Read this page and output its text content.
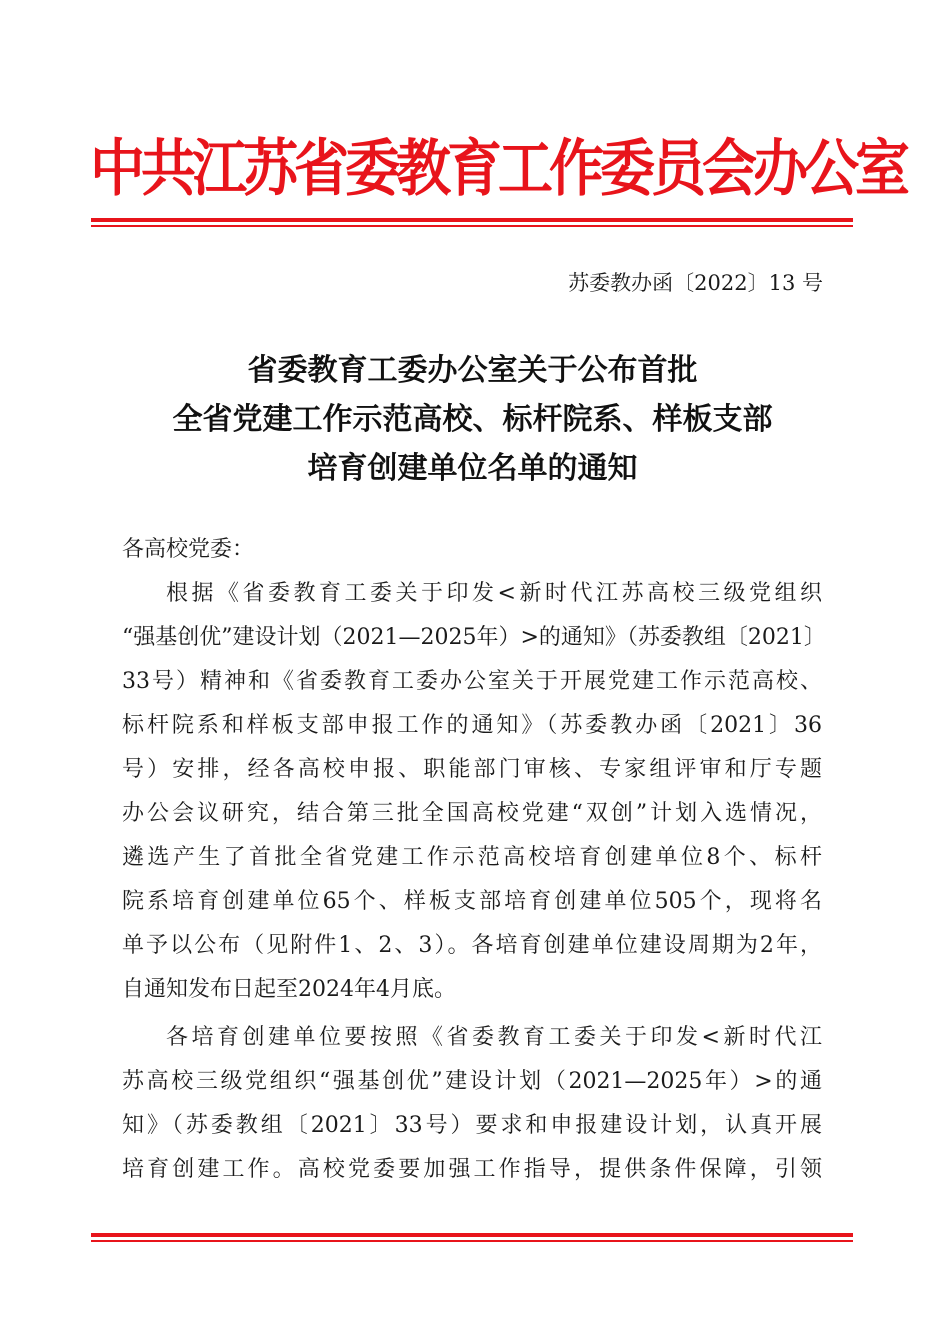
中共江苏省委教育工作委员会办公室
苏委教办函〔2022〕13 号
省委教育工委办公室关于公布首批
全省党建工作示范高校、标杆院系、样板支部
培育创建单位名单的通知
各高校党委：
根据《省委教育工委关于印发<新时代江苏高校三级党组织
“强基创优”建设计划（2021—2025年）>的通知》（苏委教组〔2021〕
33号）精神和《省委教育工委办公室关于开展党建工作示范高校、
标杆院系和样板支部申报工作的通知》（苏委教办函〔2021〕36
号）安排，经各高校申报、职能部门审核、专家组评审和厅专题
办公会议研究，结合第三批全国高校党建“双创”计划入选情况，
遴选产生了首批全省党建工作示范高校培育创建单位8个、标杆
院系培育创建单位65个、样板支部培育创建单位505个，现将名
单予以公布（见附件1、2、3）。各培育创建单位建设周期为2年，
自通知发布日起至2024年4月底。
各培育创建单位要按照《省委教育工委关于印发<新时代江
苏高校三级党组织“强基创优”建设计划（2021—2025年）>的通
知》（苏委教组〔2021〕33号）要求和申报建设计划，认真开展
培育创建工作。高校党委要加强工作指导，提供条件保障，引领
